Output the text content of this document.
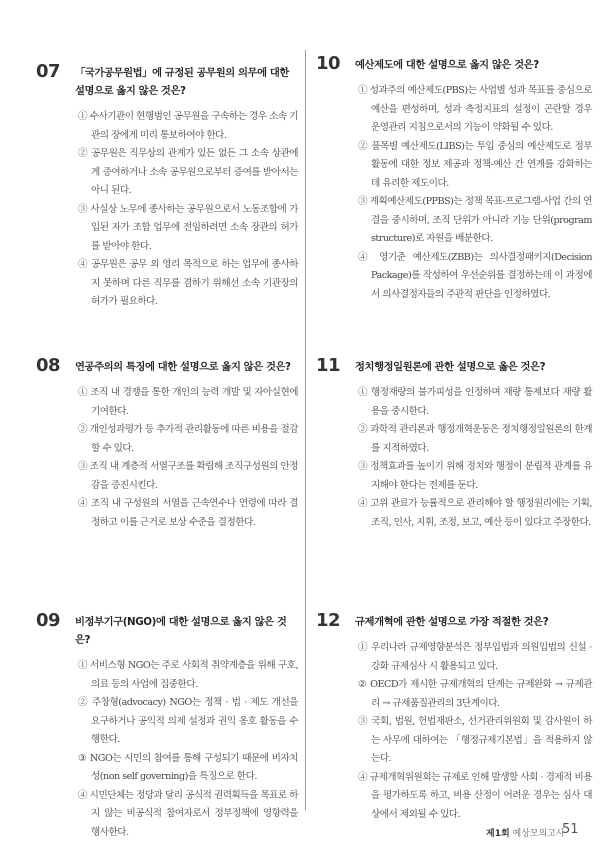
07 「국가공무원법」에 규정된 공무원의 의무에 대한 설명으로 옳지 않은 것은?
① 수사기관이 현행범인 공무원을 구속하는 경우 소속 기관의 장에게 미리 통보하여야 한다.
② 공무원은 직무상의 관계가 있든 없든 그 소속 상관에게 증여하거나 소속 공무원으로부터 증여를 받아서는 아니 된다.
③ 사실상 노무에 종사하는 공무원으로서 노동조합에 가입된 자가 조합 업무에 전임하려면 소속 장관의 허가를 받아야 한다.
④ 공무원은 공무 외 영리 목적으로 하는 업무에 종사하지 못하며 다른 직무를 겸하기 위해선 소속 기관장의 허가가 필요하다.
08 연공주의의 특징에 대한 설명으로 옳지 않은 것은?
① 조직 내 경쟁을 통한 개인의 능력 개발 및 자아실현에 기여한다.
② 개인성과평가 등 추가적 관리활동에 따른 비용을 절감할 수 있다.
③ 조직 내 계층적 서열구조를 확립해 조직구성원의 안정감을 증진시킨다.
④ 조직 내 구성원의 서열을 근속연수나 연령에 따라 결정하고 이를 근거로 보상 수준을 결정한다.
09 비정부기구(NGO)에 대한 설명으로 옳지 않은 것은?
① 서비스형 NGO는 주로 사회적 취약계층을 위해 구호, 의료 등의 사업에 집중한다.
② 주창형(advocacy) NGO는 정책 · 법 · 제도 개선을 요구하거나 공익적 의제 설정과 권익 옹호 활동을 수행한다.
③ NGO는 시민의 참여를 통해 구성되기 때문에 비자치성(non self governing)을 특징으로 한다.
④ 시민단체는 정당과 달리 공식적 권력획득을 목표로 하지 않는 비공식적 참여자로서 정부정책에 영향력을 행사한다.
10 예산제도에 대한 설명으로 옳지 않은 것은?
① 성과주의 예산제도(PBS)는 사업별 성과 목표를 중심으로 예산을 편성하며, 성과 측정지표의 설정이 곤란할 경우 운영관리 지침으로서의 기능이 약화될 수 있다.
② 품목별 예산제도(LIBS)는 투입 중심의 예산제도로 정부 활동에 대한 정보 제공과 정책-예산 간 연계를 강화하는 데 유리한 제도이다.
③ 계획예산제도(PPBS)는 정책 목표-프로그램-사업 간의 연결을 중시하며, 조직 단위가 아니라 기능 단위(program structure)로 자원을 배분한다.
④ 영기준 예산제도(ZBB)는 의사결정패키지(Decision Package)를 작성하여 우선순위를 결정하는데 이 과정에서 의사결정자들의 주관적 판단을 인정하였다.
11 정치행정일원론에 관한 설명으로 옳은 것은?
① 행정재량의 불가피성을 인정하며 재량 통제보다 재량 활용을 중시한다.
② 과학적 관리론과 행정개혁운동은 정치행정일원론의 한계를 지적하였다.
③ 정책효과를 높이기 위해 정치와 행정이 분립적 관계를 유지해야 한다는 전제를 둔다.
④ 고위 관료가 능률적으로 관리해야 할 행정원리에는 기획, 조직, 인사, 지휘, 조정, 보고, 예산 등이 있다고 주장한다.
12 규제개혁에 관한 설명으로 가장 적절한 것은?
① 우리나라 규제영향분석은 정부입법과 의원입법의 신설 · 강화 규제심사 시 활용되고 있다.
② OECD가 제시한 규제개혁의 단계는 규제완화 → 규제관리 → 규제품질관리의 3단계이다.
③ 국회, 법원, 헌법재판소, 선거관리위원회 및 감사원이 하는 사무에 대하여는 「행정규제기본법」을 적용하지 않는다.
④ 규제개혁위원회는 규제로 인해 발생할 사회 · 경제적 비용을 평가하도록 하고, 비용 산정이 어려운 경우는 심사 대상에서 제외될 수 있다.
제1회 예상모의고사
51
